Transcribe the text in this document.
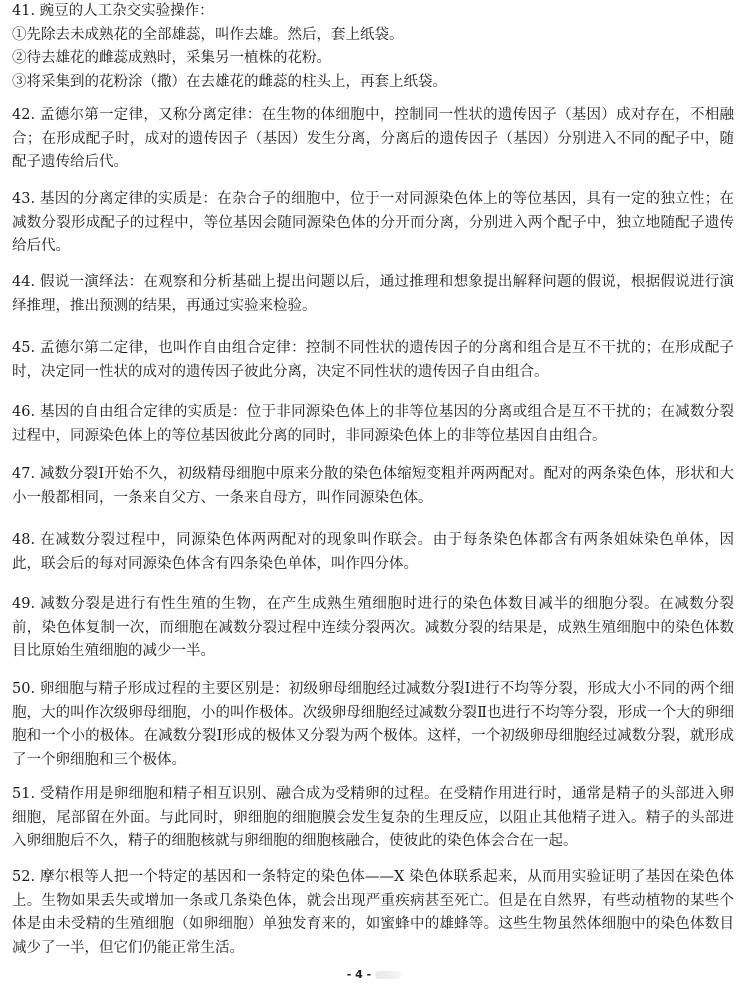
41. 豌豆的人工杂交实验操作：

①先除去未成熟花的全部雄蕊，叫作去雄。然后，套上纸袋。

②待去雄花的雌蕊成熟时，采集另一植株的花粉。

③将采集到的花粉涂（撒）在去雄花的雌蕊的柱头上，再套上纸袋。

42. 孟德尔第一定律，又称分离定律：在生物的体细胞中，控制同一性状的遗传因子（基因）成对存在，不相融合；在形成配子时，成对的遗传因子（基因）发生分离，分离后的遗传因子（基因）分别进入不同的配子中，随配子遗传给后代。

43. 基因的分离定律的实质是：在杂合子的细胞中，位于一对同源染色体上的等位基因，具有一定的独立性；在减数分裂形成配子的过程中，等位基因会随同源染色体的分开而分离，分别进入两个配子中，独立地随配子遗传给后代。

44. 假说一演绎法：在观察和分析基础上提出问题以后，通过推理和想象提出解释问题的假说，根据假说进行演绎推理，推出预测的结果，再通过实验来检验。

45. 孟德尔第二定律，也叫作自由组合定律：控制不同性状的遗传因子的分离和组合是互不干扰的；在形成配子时，决定同一性状的成对的遗传因子彼此分离，决定不同性状的遗传因子自由组合。

46. 基因的自由组合定律的实质是：位于非同源染色体上的非等位基因的分离或组合是互不干扰的；在减数分裂过程中，同源染色体上的等位基因彼此分离的同时，非同源染色体上的非等位基因自由组合。

47. 减数分裂Ⅰ开始不久，初级精母细胞中原来分散的染色体缩短变粗并两两配对。配对的两条染色体，形状和大小一般都相同，一条来自父方、一条来自母方，叫作同源染色体。

48. 在减数分裂过程中，同源染色体两两配对的现象叫作联会。由于每条染色体都含有两条姐妹染色单体，因此，联会后的每对同源染色体含有四条染色单体，叫作四分体。

49. 减数分裂是进行有性生殖的生物，在产生成熟生殖细胞时进行的染色体数目减半的细胞分裂。在减数分裂前，染色体复制一次，而细胞在减数分裂过程中连续分裂两次。减数分裂的结果是，成熟生殖细胞中的染色体数目比原始生殖细胞的减少一半。

50. 卵细胞与精子形成过程的主要区别是：初级卵母细胞经过减数分裂Ⅰ进行不均等分裂，形成大小不同的两个细胞，大的叫作次级卵母细胞，小的叫作极体。次级卵母细胞经过减数分裂Ⅱ也进行不均等分裂，形成一个大的卵细胞和一个小的极体。在减数分裂Ⅰ形成的极体又分裂为两个极体。这样，一个初级卵母细胞经过减数分裂，就形成了一个卵细胞和三个极体。

51. 受精作用是卵细胞和精子相互识别、融合成为受精卵的过程。在受精作用进行时，通常是精子的头部进入卵细胞，尾部留在外面。与此同时，卵细胞的细胞膜会发生复杂的生理反应，以阻止其他精子进入。精子的头部进入卵细胞后不久，精子的细胞核就与卵细胞的细胞核融合，使彼此的染色体会合在一起。

52. 摩尔根等人把一个特定的基因和一条特定的染色体——X 染色体联系起来，从而用实验证明了基因在染色体上。生物如果丢失或增加一条或几条染色体，就会出现严重疾病甚至死亡。但是在自然界，有些动植物的某些个体是由未受精的生殖细胞（如卵细胞）单独发育来的，如蜜蜂中的雄蜂等。这些生物虽然体细胞中的染色体数目减少了一半，但它们仍能正常生活。

- 4 -
